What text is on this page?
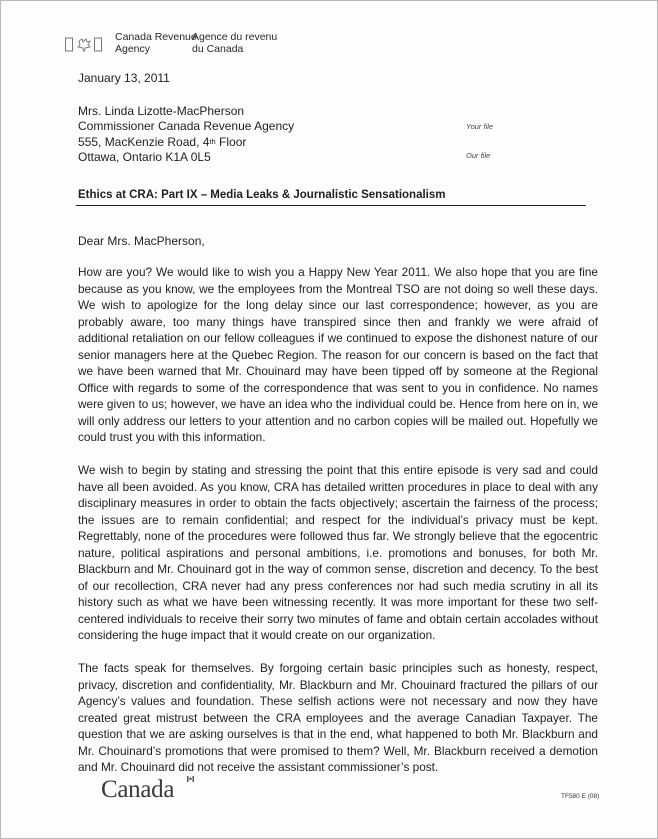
Canada Revenue
Agency
Agence du revenu
du Canada
January 13, 2011
Mrs. Linda Lizotte-MacPherson
Commissioner Canada Revenue Agency
555, MacKenzie Road, 4th Floor
Ottawa, Ontario K1A 0L5
Your file
Our file
Ethics at CRA: Part IX – Media Leaks & Journalistic Sensationalism
Dear Mrs. MacPherson,

How are you? We would like to wish you a Happy New Year 2011. We also hope that you are fine because as you know, we the employees from the Montreal TSO are not doing so well these days. We wish to apologize for the long delay since our last correspondence; however, as you are probably aware, too many things have transpired since then and frankly we were afraid of additional retaliation on our fellow colleagues if we continued to expose the dishonest nature of our senior managers here at the Quebec Region. The reason for our concern is based on the fact that we have been warned that Mr. Chouinard may have been tipped off by someone at the Regional Office with regards to some of the correspondence that was sent to you in confidence. No names were given to us; however, we have an idea who the individual could be. Hence from here on in, we will only address our letters to your attention and no carbon copies will be mailed out. Hopefully we could trust you with this information.

We wish to begin by stating and stressing the point that this entire episode is very sad and could have all been avoided. As you know, CRA has detailed written procedures in place to deal with any disciplinary measures in order to obtain the facts objectively; ascertain the fairness of the process; the issues are to remain confidential; and respect for the individual’s privacy must be kept. Regrettably, none of the procedures were followed thus far. We strongly believe that the egocentric nature, political aspirations and personal ambitions, i.e. promotions and bonuses, for both Mr. Blackburn and Mr. Chouinard got in the way of common sense, discretion and decency. To the best of our recollection, CRA never had any press conferences nor had such media scrutiny in all its history such as what we have been witnessing recently. It was more important for these two self-centered individuals to receive their sorry two minutes of fame and obtain certain accolades without considering the huge impact that it would create on our organization.

The facts speak for themselves. By forgoing certain basic principles such as honesty, respect, privacy, discretion and confidentiality, Mr. Blackburn and Mr. Chouinard fractured the pillars of our Agency’s values and foundation. These selfish actions were not necessary and now they have created great mistrust between the CRA employees and the average Canadian Taxpayer. The question that we are asking ourselves is that in the end, what happened to both Mr. Blackburn and Mr. Chouinard’s promotions that were promised to them? Well, Mr. Blackburn received a demotion and Mr. Chouinard did not receive the assistant commissioner’s post.

Canada	TF580 E (08)
